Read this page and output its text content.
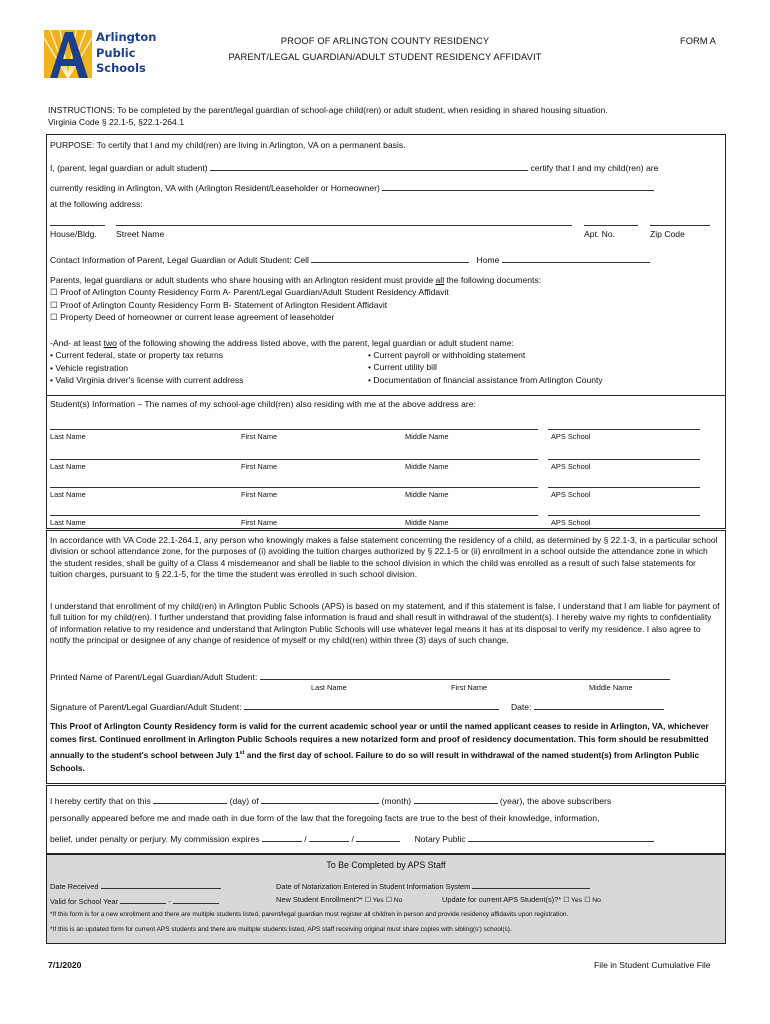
Arlington
Public
Schools
PROOF OF ARLINGTON COUNTY RESIDENCY
PARENT/LEGAL GUARDIAN/ADULT STUDENT RESIDENCY AFFIDAVIT
FORM A
INSTRUCTIONS: To be completed by the parent/legal guardian of school-age child(ren) or adult student, when residing in shared housing situation.
Virginia Code § 22.1-5, §22.1-264.1
PURPOSE: To certify that I and my child(ren) are living in Arlington, VA on a permanent basis.
I, (parent, legal guardian or adult student)	certify that I and my child(ren) are
currently residing in Arlington, VA with (Arlington Resident/Leaseholder or Homeowner)
at the following address:
House/Bldg. Street Name	Apt. No.	Zip Code
Contact Information of Parent, Legal Guardian or Adult Student: Cell	Home
Parents, legal guardians or adult students who share housing with an Arlington resident must provide all the following documents:
☐ Proof of Arlington County Residency Form A- Parent/Legal Guardian/Adult Student Residency Affidavit
☐ Proof of Arlington County Residency Form B- Statement of Arlington Resident Affidavit
☐ Property Deed of homeowner or current lease agreement of leaseholder
-And- at least two of the following showing the address listed above, with the parent, legal guardian or adult student name:
• Current federal, state or property tax returns
• Vehicle registration
• Valid Virginia driver's license with current address
• Current payroll or withholding statement
• Current utility bill
• Documentation of financial assistance from Arlington County
Student(s) Information – The names of my school-age child(ren) also residing with me at the above address are:
Last Name	First Name	Middle Name	APS School
Last Name	First Name	Middle Name	APS School
Last Name	First Name	Middle Name	APS School
Last Name	First Name	Middle Name	APS School
In accordance with VA Code 22.1-264.1, any person who knowingly makes a false statement concerning the residency of a child, as determined by § 22.1-3, in a particular school division or school attendance zone, for the purposes of (i) avoiding the tuition charges authorized by § 22.1-5 or (ii) enrollment in a school outside the attendance zone in which the student resides, shall be guilty of a Class 4 misdemeanor and shall be liable to the school division in which the child was enrolled as a result of such false statements for tuition charges, pursuant to § 22.1-5, for the time the student was enrolled in such school division.
I understand that enrollment of my child(ren) in Arlington Public Schools (APS) is based on my statement, and if this statement is false, I understand that I am liable for payment of full tuition for my child(ren). I further understand that providing false information is fraud and shall result in withdrawal of the student(s). I hereby waive my rights to confidentiality of information relative to my residence and understand that Arlington Public Schools will use whatever legal means it has at its disposal to verify my residence. I also agree to notify the principal or designee of any change of residence of myself or my child(ren) within three (3) days of such change.
Printed Name of Parent/Legal Guardian/Adult Student:
Last Name	First Name	Middle Name
Signature of Parent/Legal Guardian/Adult Student:	Date:
This Proof of Arlington County Residency form is valid for the current academic school year or until the named applicant ceases to reside in Arlington, VA, whichever comes first. Continued enrollment in Arlington Public Schools requires a new notarized form and proof of residency documentation. This form should be resubmitted annually to the student's school between July 1st and the first day of school. Failure to do so will result in withdrawal of the named student(s) from Arlington Public Schools.
I hereby certify that on this	(day) of	(month)	(year), the above subscribers
personally appeared before me and made oath in due form of the law that the foregoing facts are true to the best of their knowledge, information,
belief, under penalty or perjury. My commission expires	/	/	Notary Public
To Be Completed by APS Staff
Date Received	Date of Notarization Entered in Student Information System
Valid for School Year	-	New Student Enrollment?* ☐ Yes ☐ No	Update for current APS Student(s)?* ☐ Yes ☐ No
*If this form is for a new enrollment and there are multiple students listed, parent/legal guardian must register all children in person and provide residency affidavits upon registration.
*If this is an updated form for current APS students and there are multiple students listed, APS staff receiving original must share copies with sibling(s') school(s).
7/1/2020	File in Student Cumulative File
